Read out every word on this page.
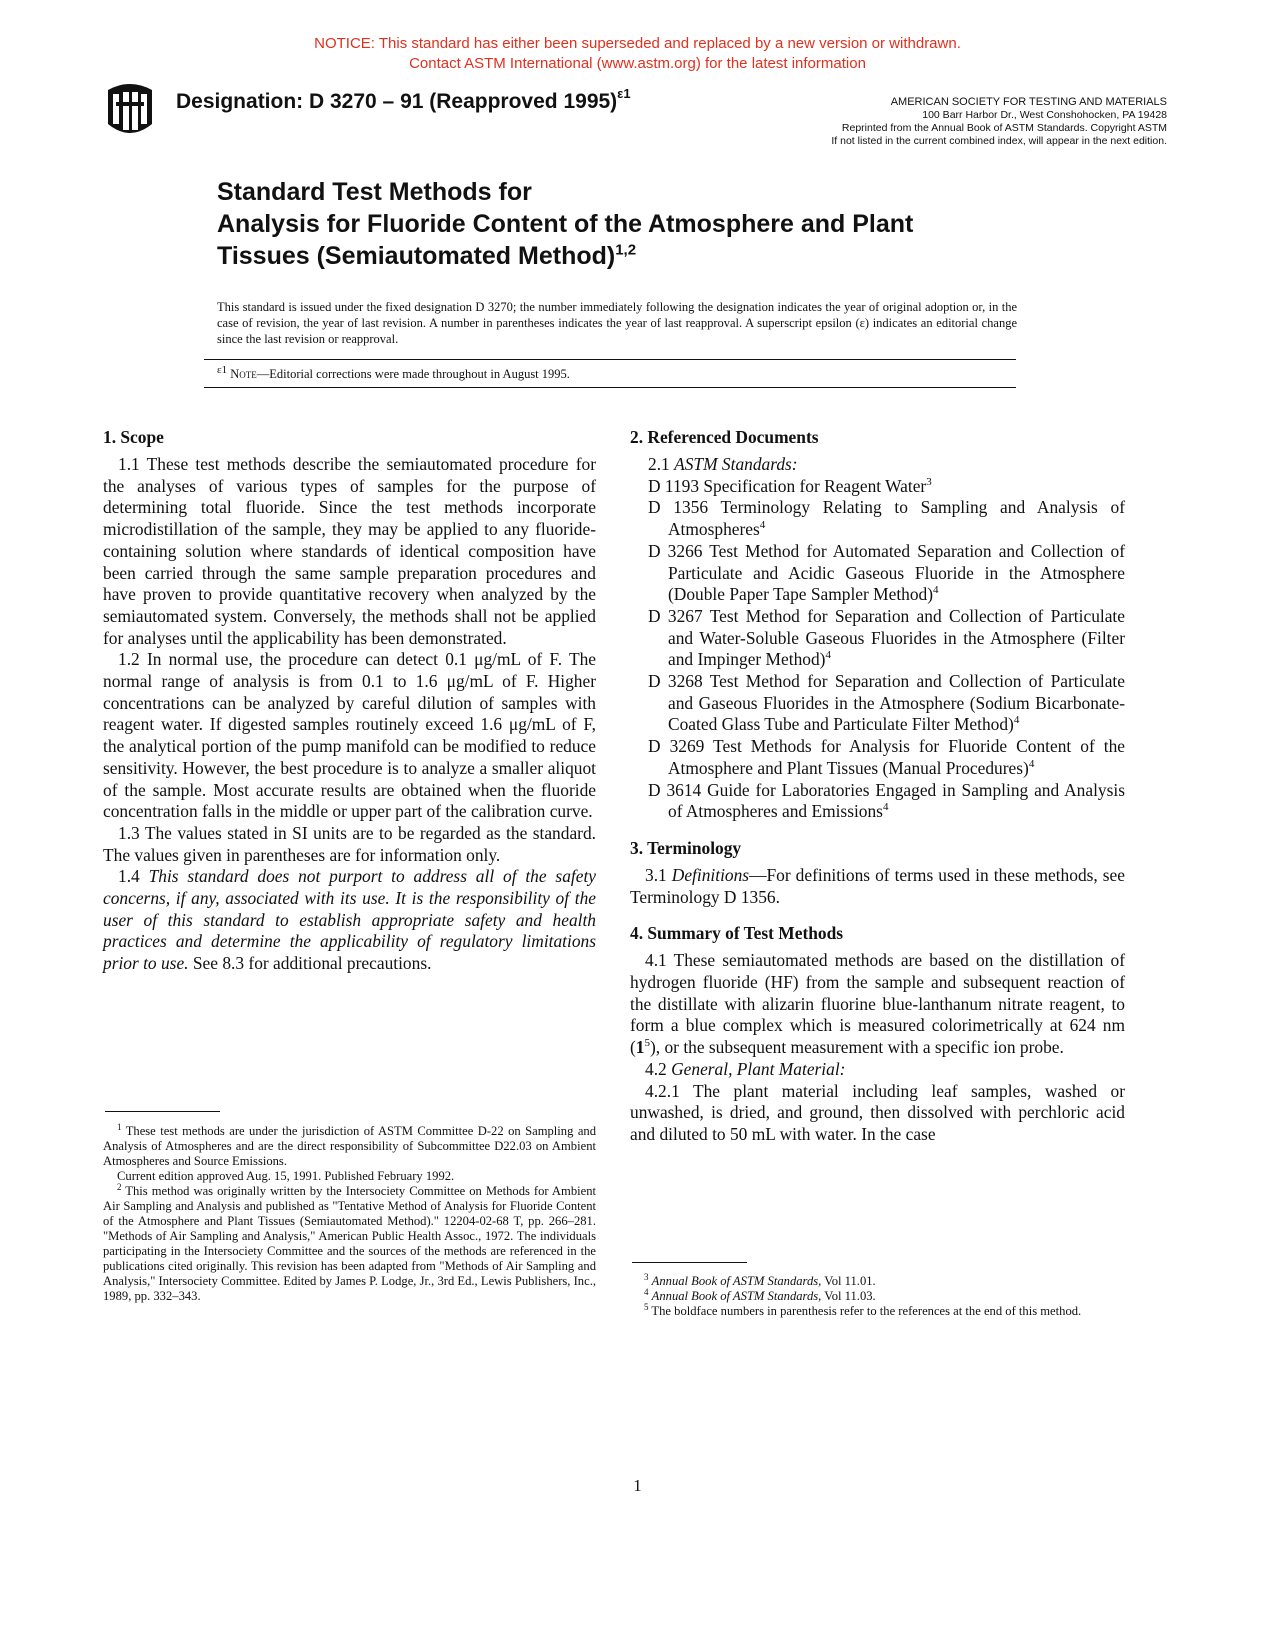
NOTICE: This standard has either been superseded and replaced by a new version or withdrawn.
Contact ASTM International (www.astm.org) for the latest information
Designation: D 3270 – 91 (Reapproved 1995)$^{\varepsilon 1}$
AMERICAN SOCIETY FOR TESTING AND MATERIALS
100 Barr Harbor Dr., West Conshohocken, PA 19428
Reprinted from the Annual Book of ASTM Standards. Copyright ASTM
If not listed in the current combined index, will appear in the next edition.
Standard Test Methods for
Analysis for Fluoride Content of the Atmosphere and Plant
Tissues (Semiautomated Method)$^{1,2}$
This standard is issued under the fixed designation D 3270; the number immediately following the designation indicates the year of original adoption or, in the case of revision, the year of last revision. A number in parentheses indicates the year of last reapproval. A superscript epsilon (ε) indicates an editorial change since the last revision or reapproval.
$^{\varepsilon 1}$ Note—Editorial corrections were made throughout in August 1995.
1. Scope

1.1 These test methods describe the semiautomated procedure for the analyses of various types of samples for the purpose of determining total fluoride. Since the test methods incorporate microdistillation of the sample, they may be applied to any fluoride-containing solution where standards of identical composition have been carried through the same sample preparation procedures and have proven to provide quantitative recovery when analyzed by the semiautomated system. Conversely, the methods shall not be applied for analyses until the applicability has been demonstrated.

1.2 In normal use, the procedure can detect 0.1 μg/mL of F. The normal range of analysis is from 0.1 to 1.6 μg/mL of F. Higher concentrations can be analyzed by careful dilution of samples with reagent water. If digested samples routinely exceed 1.6 μg/mL of F, the analytical portion of the pump manifold can be modified to reduce sensitivity. However, the best procedure is to analyze a smaller aliquot of the sample. Most accurate results are obtained when the fluoride concentration falls in the middle or upper part of the calibration curve.

1.3 The values stated in SI units are to be regarded as the standard. The values given in parentheses are for information only.

1.4 This standard does not purport to address all of the safety concerns, if any, associated with its use. It is the responsibility of the user of this standard to establish appropriate safety and health practices and determine the applicability of regulatory limitations prior to use. See 8.3 for additional precautions.

$^1$ These test methods are under the jurisdiction of ASTM Committee D-22 on Sampling and Analysis of Atmospheres and are the direct responsibility of Subcommittee D22.03 on Ambient Atmospheres and Source Emissions.

Current edition approved Aug. 15, 1991. Published February 1992.

$^2$ This method was originally written by the Intersociety Committee on Methods for Ambient Air Sampling and Analysis and published as "Tentative Method of Analysis for Fluoride Content of the Atmosphere and Plant Tissues (Semiautomated Method)." 12204-02-68 T, pp. 266–281. "Methods of Air Sampling and Analysis," American Public Health Assoc., 1972. The individuals participating in the Intersociety Committee and the sources of the methods are referenced in the publications cited originally. This revision has been adapted from "Methods of Air Sampling and Analysis," Intersociety Committee. Edited by James P. Lodge, Jr., 3rd Ed., Lewis Publishers, Inc., 1989, pp. 332–343.

2. Referenced Documents

2.1 ASTM Standards:

D 1193 Specification for Reagent Water$^3$

D 1356 Terminology Relating to Sampling and Analysis of Atmospheres$^4$

D 3266 Test Method for Automated Separation and Collection of Particulate and Acidic Gaseous Fluoride in the Atmosphere (Double Paper Tape Sampler Method)$^4$

D 3267 Test Method for Separation and Collection of Particulate and Water-Soluble Gaseous Fluorides in the Atmosphere (Filter and Impinger Method)$^4$

D 3268 Test Method for Separation and Collection of Particulate and Gaseous Fluorides in the Atmosphere (Sodium Bicarbonate-Coated Glass Tube and Particulate Filter Method)$^4$

D 3269 Test Methods for Analysis for Fluoride Content of the Atmosphere and Plant Tissues (Manual Procedures)$^4$

D 3614 Guide for Laboratories Engaged in Sampling and Analysis of Atmospheres and Emissions$^4$

3. Terminology

3.1 Definitions—For definitions of terms used in these methods, see Terminology D 1356.

4. Summary of Test Methods

4.1 These semiautomated methods are based on the distillation of hydrogen fluoride (HF) from the sample and subsequent reaction of the distillate with alizarin fluorine blue-lanthanum nitrate reagent, to form a blue complex which is measured colorimetrically at 624 nm $(1^5)$, or the subsequent measurement with a specific ion probe.

4.2 General, Plant Material:

4.2.1 The plant material including leaf samples, washed or unwashed, is dried, and ground, then dissolved with perchloric acid and diluted to 50 mL with water. In the case

$^3$ Annual Book of ASTM Standards, Vol 11.01.

$^4$ Annual Book of ASTM Standards, Vol 11.03.

$^5$ The boldface numbers in parenthesis refer to the references at the end of this method.

1
